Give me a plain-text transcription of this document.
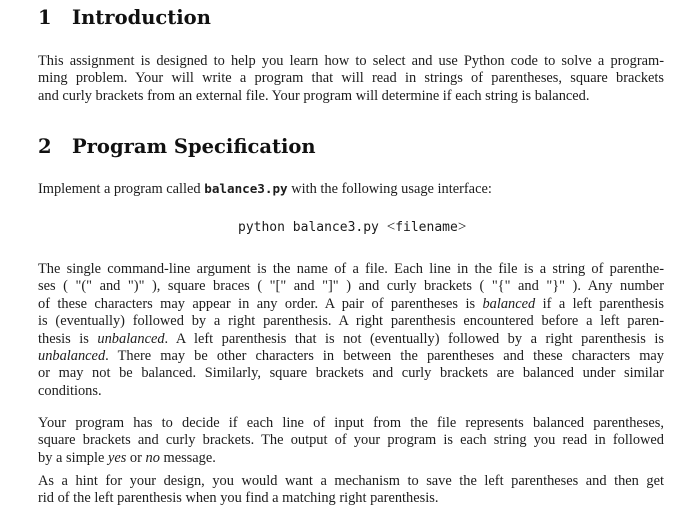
1 Introduction

This assignment is designed to help you learn how to select and use Python code to solve a program-
ming problem. Your will write a program that will read in strings of parentheses, square brackets
and curly brackets from an external file. Your program will determine if each string is balanced.

2 Program Specification

Implement a program called balance3.py with the following usage interface:

python balance3.py <filename>

The single command-line argument is the name of a file. Each line in the file is a string of parenthe-
ses ( "(" and ")" ), square braces ( "[" and "]" ) and curly brackets ( "{" and "}" ). Any number
of these characters may appear in any order. A pair of parentheses is balanced if a left parenthesis
is (eventually) followed by a right parenthesis. A right parenthesis encountered before a left paren-
thesis is unbalanced. A left parenthesis that is not (eventually) followed by a right parenthesis is
unbalanced. There may be other characters in between the parentheses and these characters may
or may not be balanced. Similarly, square brackets and curly brackets are balanced under similar
conditions.

Your program has to decide if each line of input from the file represents balanced parentheses,
square brackets and curly brackets. The output of your program is each string you read in followed
by a simple yes or no message.

As a hint for your design, you would want a mechanism to save the left parentheses and then get
rid of the left parenthesis when you find a matching right parenthesis.
